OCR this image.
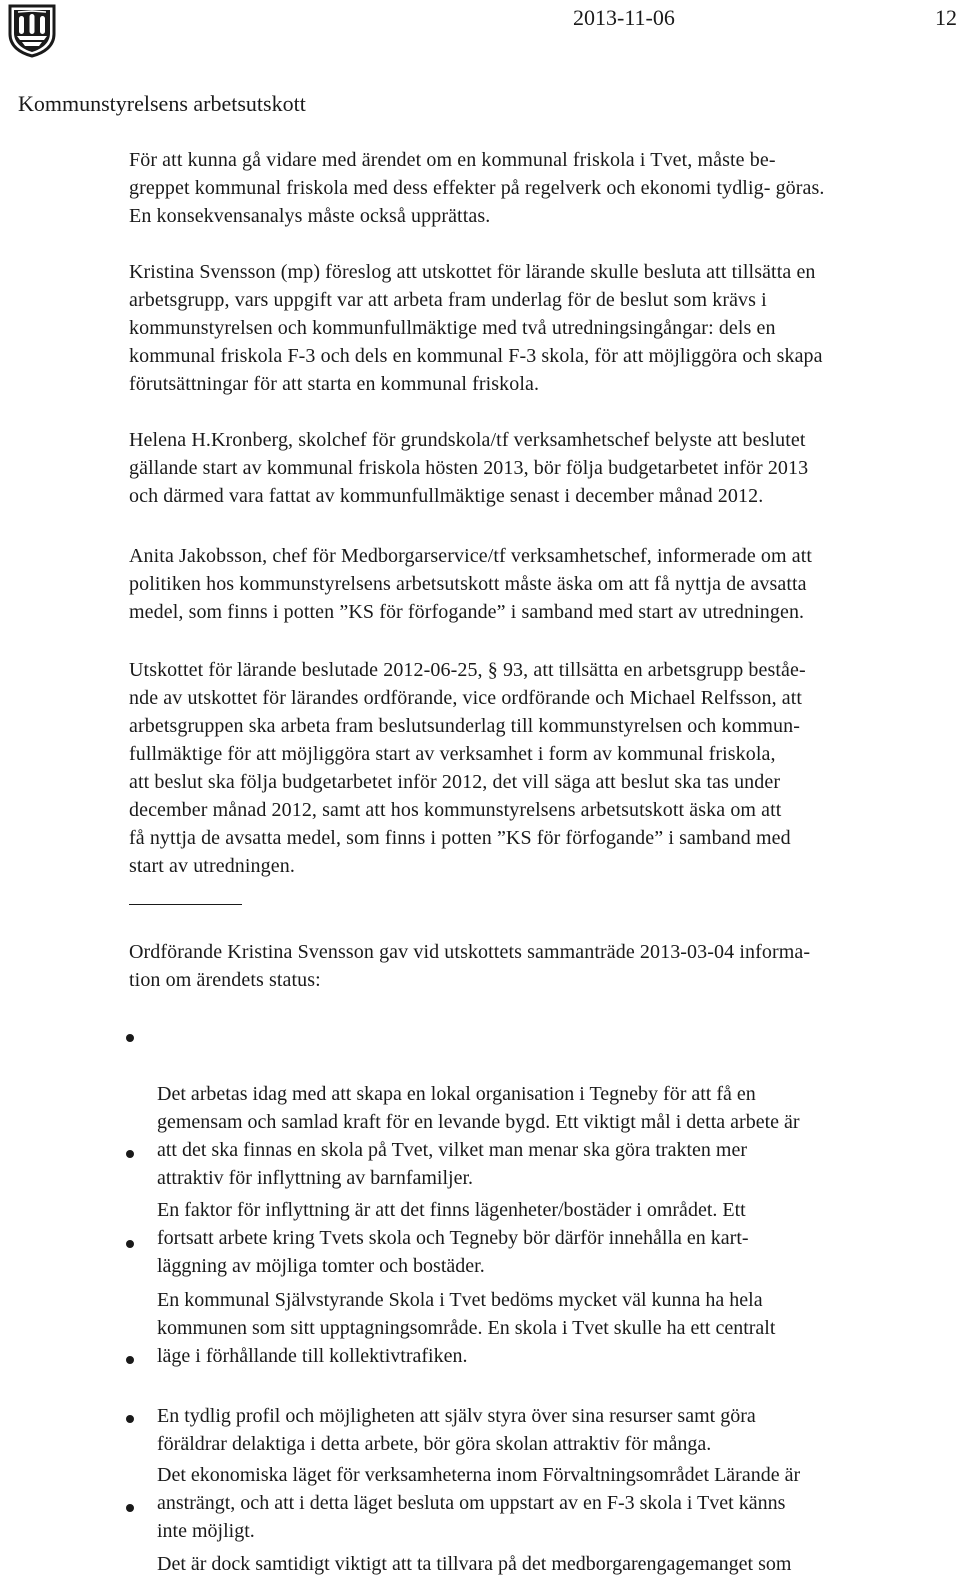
2013-11-06	12
Kommunstyrelsens arbetsutskott

För att kunna gå vidare med ärendet om en kommunal friskola i Tvet, måste be-
greppet kommunal friskola med dess effekter på regelverk och ekonomi tydlig- göras.
En konsekvensanalys måste också upprättas.

Kristina Svensson (mp) föreslog att utskottet för lärande skulle besluta att tillsätta en
arbetsgrupp, vars uppgift var att arbeta fram underlag för de beslut som krävs i
kommunstyrelsen och kommunfullmäktige med två utredningsingångar: dels en
kommunal friskola F-3 och dels en kommunal F-3 skola, för att möjliggöra och skapa
förutsättningar för att starta en kommunal friskola.

Helena H.Kronberg, skolchef för grundskola/tf verksamhetschef belyste att beslutet
gällande start av kommunal friskola hösten 2013, bör följa budgetarbetet inför 2013
och därmed vara fattat av kommunfullmäktige senast i december månad 2012.

Anita Jakobsson, chef för Medborgarservice/tf verksamhetschef, informerade om att
politiken hos kommunstyrelsens arbetsutskott måste äska om att få nyttja de avsatta
medel, som finns i potten ”KS för förfogande” i samband med start av utredningen.

Utskottet för lärande beslutade 2012-06-25, § 93, att tillsätta en arbetsgrupp beståe-
nde av utskottet för lärandes ordförande, vice ordförande och Michael Relfsson, att
arbetsgruppen ska arbeta fram beslutsunderlag till kommunstyrelsen och kommun-
fullmäktige för att möjliggöra start av verksamhet i form av kommunal friskola,
att beslut ska följa budgetarbetet inför 2012, det vill säga att beslut ska tas under
december månad 2012, samt att hos kommunstyrelsens arbetsutskott äska om att
få nyttja de avsatta medel, som finns i potten ”KS för förfogande” i samband med
start av utredningen.

Ordförande Kristina Svensson gav vid utskottets sammanträde 2013-03-04 informa-
tion om ärendets status:

Det arbetas idag med att skapa en lokal organisation i Tegneby för att få en
gemensam och samlad kraft för en levande bygd. Ett viktigt mål i detta arbete är
att det ska finnas en skola på Tvet, vilket man menar ska göra trakten mer
attraktiv för inflyttning av barnfamiljer.

En faktor för inflyttning är att det finns lägenheter/bostäder i området. Ett
fortsatt arbete kring Tvets skola och Tegneby bör därför innehålla en kart-
läggning av möjliga tomter och bostäder.

En kommunal Självstyrande Skola i Tvet bedöms mycket väl kunna ha hela
kommunen som sitt upptagningsområde. En skola i Tvet skulle ha ett centralt
läge i förhållande till kollektivtrafiken.

En tydlig profil och möjligheten att själv styra över sina resurser samt göra
föräldrar delaktiga i detta arbete, bör göra skolan attraktiv för många.

Det ekonomiska läget för verksamheterna inom Förvaltningsområdet Lärande är
ansträngt, och att i detta läget besluta om uppstart av en F-3 skola i Tvet känns
inte möjligt.

Det är dock samtidigt viktigt att ta tillvara på det medborgarengagemanget som
